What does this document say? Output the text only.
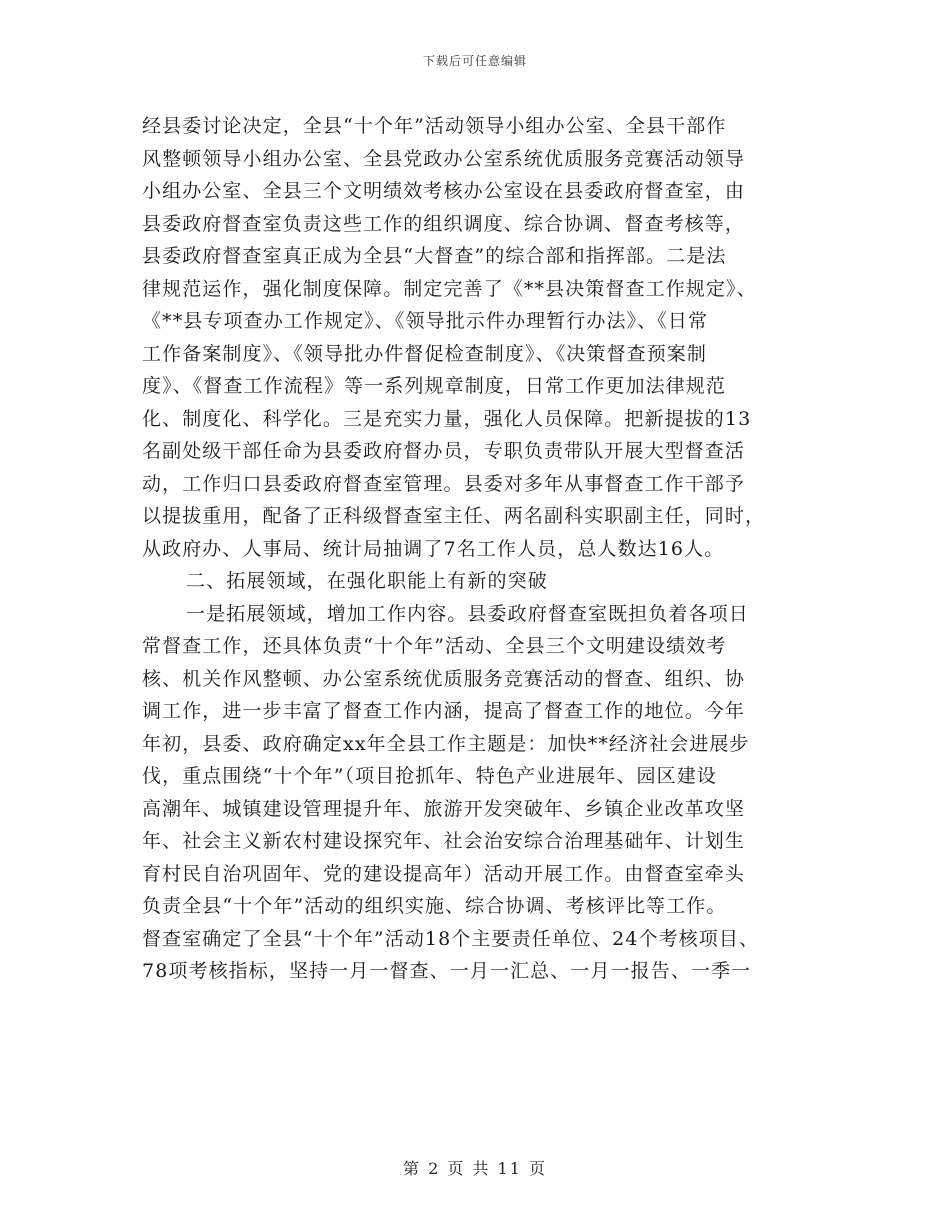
下载后可任意编辑
经县委讨论决定，全县“十个年”活动领导小组办公室、全县干部作
风整顿领导小组办公室、全县党政办公室系统优质服务竞赛活动领导
小组办公室、全县三个文明绩效考核办公室设在县委政府督查室，由
县委政府督查室负责这些工作的组织调度、综合协调、督查考核等，
县委政府督查室真正成为全县“大督查”的综合部和指挥部。二是法
律规范运作，强化制度保障。制定完善了《**县决策督查工作规定》、
《**县专项查办工作规定》、《领导批示件办理暂行办法》、《日常
工作备案制度》、《领导批办件督促检查制度》、《决策督查预案制
度》、《督查工作流程》等一系列规章制度，日常工作更加法律规范
化、制度化、科学化。三是充实力量，强化人员保障。把新提拔的13
名副处级干部任命为县委政府督办员，专职负责带队开展大型督查活
动，工作归口县委政府督查室管理。县委对多年从事督查工作干部予
以提拔重用，配备了正科级督查室主任、两名副科实职副主任，同时，
从政府办、人事局、统计局抽调了7名工作人员，总人数达16人。
二、拓展领域，在强化职能上有新的突破
一是拓展领域，增加工作内容。县委政府督查室既担负着各项日
常督查工作，还具体负责“十个年”活动、全县三个文明建设绩效考
核、机关作风整顿、办公室系统优质服务竞赛活动的督查、组织、协
调工作，进一步丰富了督查工作内涵，提高了督查工作的地位。今年
年初，县委、政府确定xx年全县工作主题是：加快**经济社会进展步
伐，重点围绕“十个年”（项目抢抓年、特色产业进展年、园区建设
高潮年、城镇建设管理提升年、旅游开发突破年、乡镇企业改革攻坚
年、社会主义新农村建设探究年、社会治安综合治理基础年、计划生
育村民自治巩固年、党的建设提高年）活动开展工作。由督查室牵头
负责全县“十个年”活动的组织实施、综合协调、考核评比等工作。
督查室确定了全县“十个年”活动18个主要责任单位、24个考核项目、
78项考核指标，坚持一月一督查、一月一汇总、一月一报告、一季一
第 2 页 共 11 页
